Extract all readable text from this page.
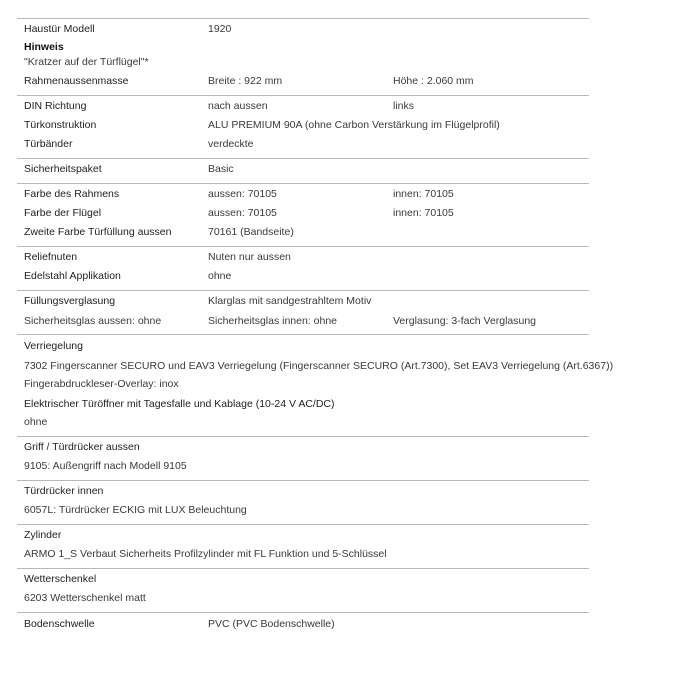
Haustür Modell	1920
Hinweis
"Kratzer auf der Türflügel"*
Rahmenaussenmasse	Breite : 922 mm	Höhe : 2.060 mm
DIN Richtung	nach aussen	links
Türkonstruktion	ALU PREMIUM 90A (ohne Carbon Verstärkung im Flügelprofil)
Türbänder	verdeckte
Sicherheitspaket	Basic
Farbe des Rahmens	aussen: 70105	innen: 70105
Farbe der Flügel	aussen: 70105	innen: 70105
Zweite Farbe Türfüllung aussen	70161 (Bandseite)
Reliefnuten	Nuten nur aussen
Edelstahl Applikation	ohne
Füllungsverglasung	Klarglas mit sandgestrahltem Motiv
Sicherheitsglas aussen: ohne	Sicherheitsglas innen: ohne	Verglasung: 3-fach Verglasung
Verriegelung
7302 Fingerscanner SECURO und EAV3 Verriegelung (Fingerscanner SECURO (Art.7300), Set EAV3 Verriegelung (Art.6367))
Fingerabdruckleser-Overlay: inox
Elektrischer Türöffner mit Tagesfalle und Kablage (10-24 V AC/DC)
ohne
Griff / Türdrücker aussen
9105: Außengriff nach Modell 9105
Türdrücker innen
6057L: Türdrücker ECKIG mit LUX Beleuchtung
Zylinder
ARMO 1_S Verbaut Sicherheits Profilzylinder mit FL Funktion und 5-Schlüssel
Wetterschenkel
6203 Wetterschenkel matt
Bodenschwelle	PVC (PVC Bodenschwelle)
